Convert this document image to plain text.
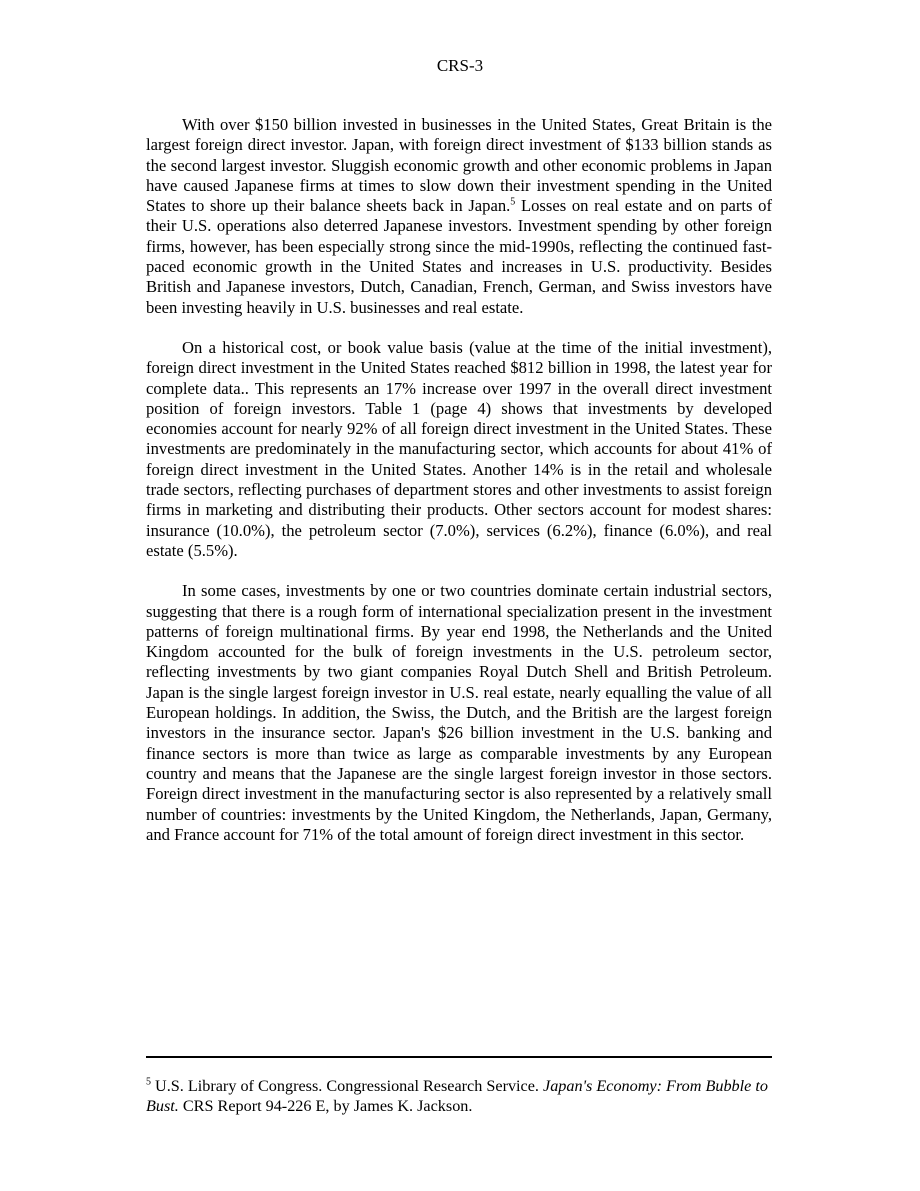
CRS-3

With over $150 billion invested in businesses in the United States, Great Britain is the largest foreign direct investor. Japan, with foreign direct investment of $133 billion stands as the second largest investor. Sluggish economic growth and other economic problems in Japan have caused Japanese firms at times to slow down their investment spending in the United States to shore up their balance sheets back in Japan.$^5$ Losses on real estate and on parts of their U.S. operations also deterred Japanese investors. Investment spending by other foreign firms, however, has been especially strong since the mid-1990s, reflecting the continued fast-paced economic growth in the United States and increases in U.S. productivity. Besides British and Japanese investors, Dutch, Canadian, French, German, and Swiss investors have been investing heavily in U.S. businesses and real estate.

On a historical cost, or book value basis (value at the time of the initial investment), foreign direct investment in the United States reached $812 billion in 1998, the latest year for complete data.. This represents an 17% increase over 1997 in the overall direct investment position of foreign investors. Table 1 (page 4) shows that investments by developed economies account for nearly 92% of all foreign direct investment in the United States. These investments are predominately in the manufacturing sector, which accounts for about 41% of foreign direct investment in the United States. Another 14% is in the retail and wholesale trade sectors, reflecting purchases of department stores and other investments to assist foreign firms in marketing and distributing their products. Other sectors account for modest shares: insurance (10.0%), the petroleum sector (7.0%), services (6.2%), finance (6.0%), and real estate (5.5%).

In some cases, investments by one or two countries dominate certain industrial sectors, suggesting that there is a rough form of international specialization present in the investment patterns of foreign multinational firms. By year end 1998, the Netherlands and the United Kingdom accounted for the bulk of foreign investments in the U.S. petroleum sector, reflecting investments by two giant companies Royal Dutch Shell and British Petroleum. Japan is the single largest foreign investor in U.S. real estate, nearly equalling the value of all European holdings. In addition, the Swiss, the Dutch, and the British are the largest foreign investors in the insurance sector. Japan's $26 billion investment in the U.S. banking and finance sectors is more than twice as large as comparable investments by any European country and means that the Japanese are the single largest foreign investor in those sectors. Foreign direct investment in the manufacturing sector is also represented by a relatively small number of countries: investments by the United Kingdom, the Netherlands, Japan, Germany, and France account for 71% of the total amount of foreign direct investment in this sector.

$^5$ U.S. Library of Congress. Congressional Research Service. Japan's Economy: From Bubble to Bust. CRS Report 94-226 E, by James K. Jackson.
